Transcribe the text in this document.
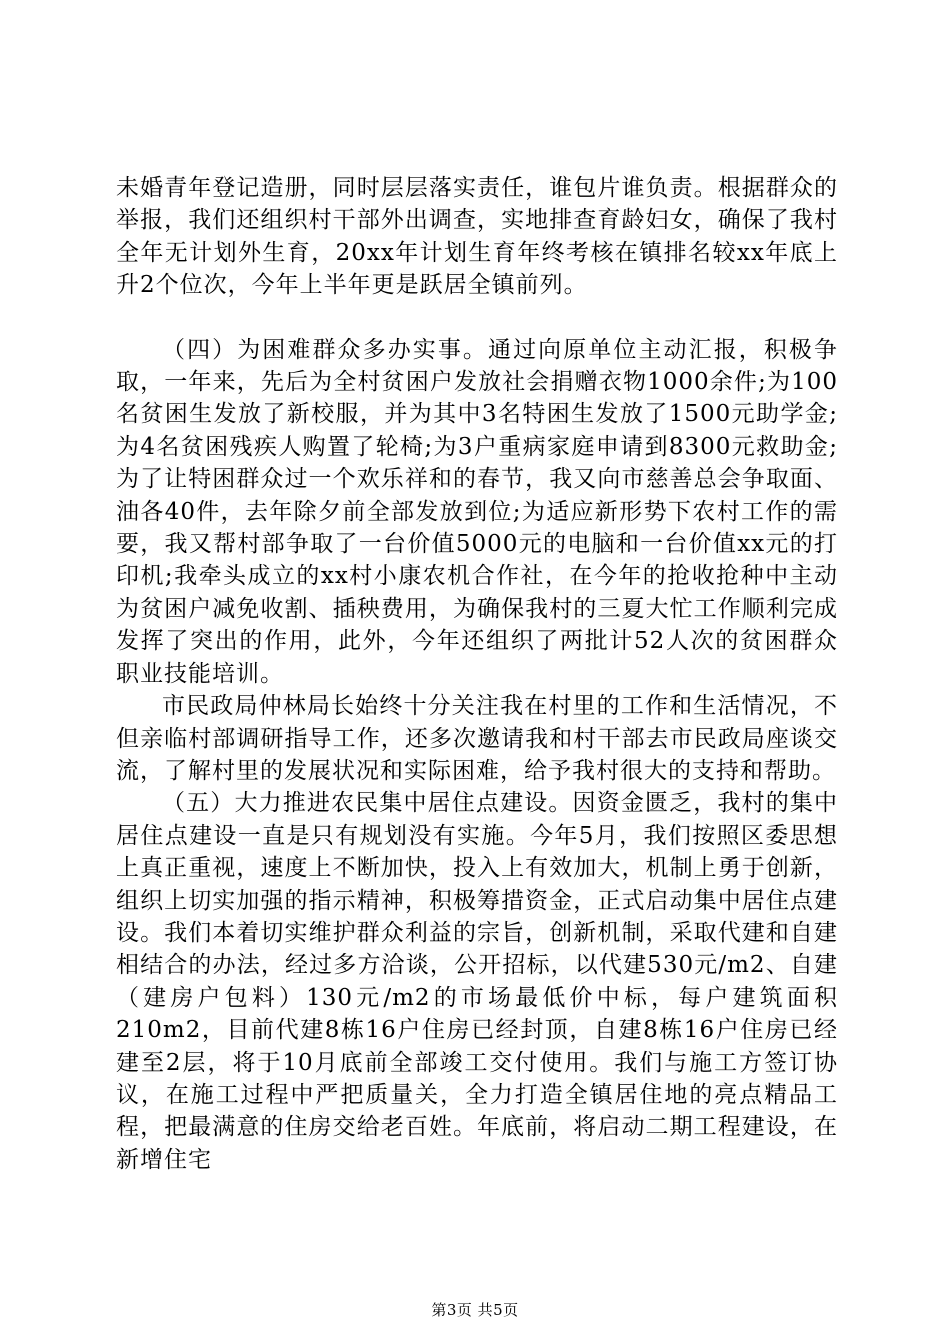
未婚青年登记造册，同时层层落实责任，谁包片谁负责。根据群众的举报，我们还组织村干部外出调查，实地排查育龄妇女，确保了我村全年无计划外生育，20xx年计划生育年终考核在镇排名较xx年底上升2个位次，今年上半年更是跃居全镇前列。

（四）为困难群众多办实事。通过向原单位主动汇报，积极争取，一年来，先后为全村贫困户发放社会捐赠衣物1000余件;为100名贫困生发放了新校服，并为其中3名特困生发放了1500元助学金;为4名贫困残疾人购置了轮椅;为3户重病家庭申请到8300元救助金;为了让特困群众过一个欢乐祥和的春节，我又向市慈善总会争取面、油各40件，去年除夕前全部发放到位;为适应新形势下农村工作的需要，我又帮村部争取了一台价值5000元的电脑和一台价值xx元的打印机;我牵头成立的xx村小康农机合作社，在今年的抢收抢种中主动为贫困户减免收割、插秧费用，为确保我村的三夏大忙工作顺利完成发挥了突出的作用，此外，今年还组织了两批计52人次的贫困群众职业技能培训。

市民政局仲林局长始终十分关注我在村里的工作和生活情况，不但亲临村部调研指导工作，还多次邀请我和村干部去市民政局座谈交流，了解村里的发展状况和实际困难，给予我村很大的支持和帮助。

（五）大力推进农民集中居住点建设。因资金匮乏，我村的集中居住点建设一直是只有规划没有实施。今年5月，我们按照区委思想上真正重视，速度上不断加快，投入上有效加大，机制上勇于创新，组织上切实加强的指示精神，积极筹措资金，正式启动集中居住点建设。我们本着切实维护群众利益的宗旨，创新机制，采取代建和自建相结合的办法，经过多方洽谈，公开招标，以代建530元/m2、自建（建房户包料）130元/m2的市场最低价中标，每户建筑面积210m2，目前代建8栋16户住房已经封顶，自建8栋16户住房已经建至2层，将于10月底前全部竣工交付使用。我们与施工方签订协议，在施工过程中严把质量关，全力打造全镇居住地的亮点精品工程，把最满意的住房交给老百姓。年底前，将启动二期工程建设，在新增住宅

第3页 共5页
